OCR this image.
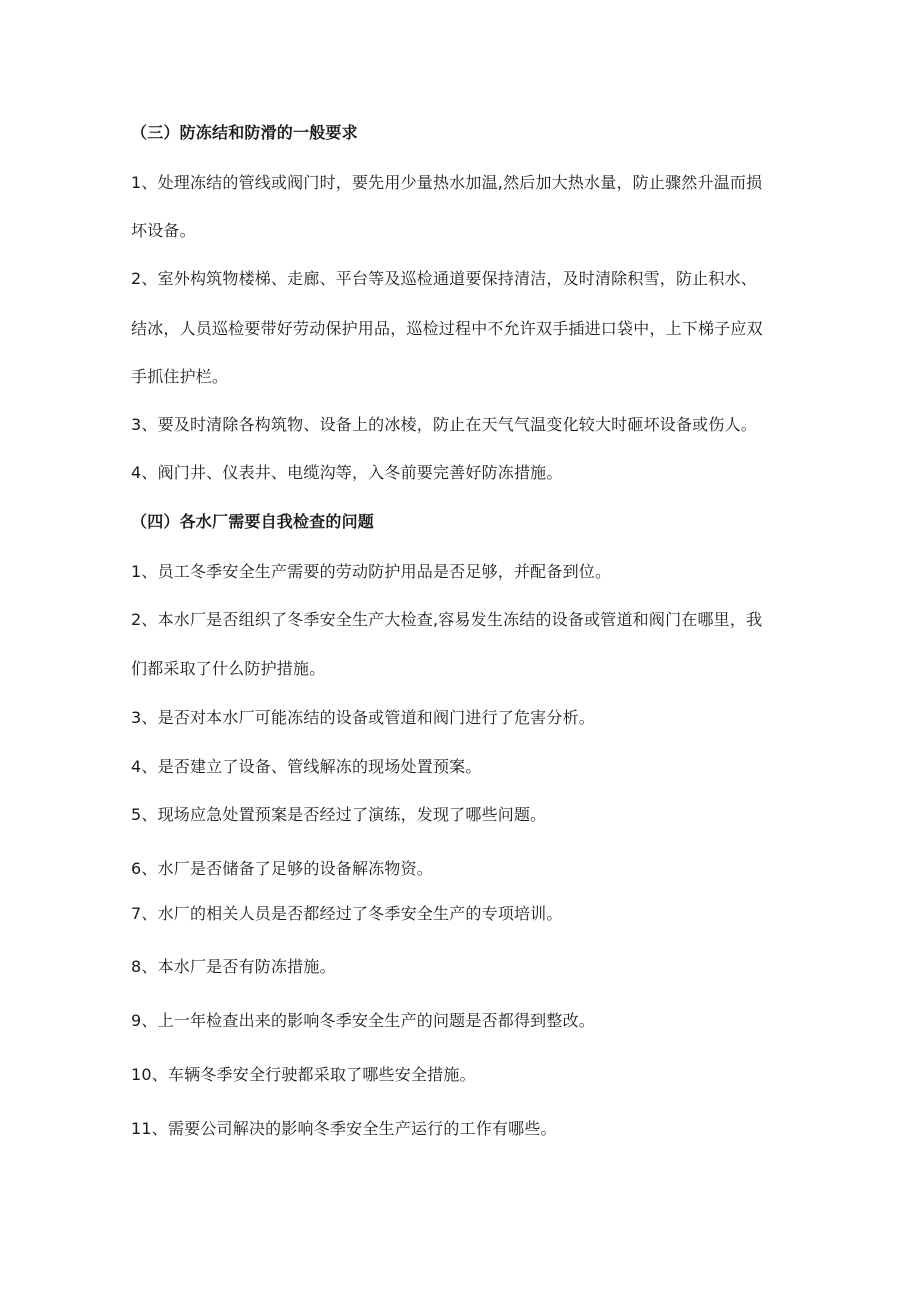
（三）防冻结和防滑的一般要求
1、处理冻结的管线或阀门时，要先用少量热水加温,然后加大热水量，防止骤然升温而损
坏设备。
2、室外构筑物楼梯、走廊、平台等及巡检通道要保持清洁，及时清除积雪，防止积水、
结冰，人员巡检要带好劳动保护用品，巡检过程中不允许双手插进口袋中，上下梯子应双
手抓住护栏。
3、要及时清除各构筑物、设备上的冰棱，防止在天气气温变化较大时砸坏设备或伤人。
4、阀门井、仪表井、电缆沟等，入冬前要完善好防冻措施。
（四）各水厂需要自我检查的问题
1、员工冬季安全生产需要的劳动防护用品是否足够，并配备到位。
2、本水厂是否组织了冬季安全生产大检查,容易发生冻结的设备或管道和阀门在哪里，我
们都采取了什么防护措施。
3、是否对本水厂可能冻结的设备或管道和阀门进行了危害分析。
4、是否建立了设备、管线解冻的现场处置预案。
5、现场应急处置预案是否经过了演练，发现了哪些问题。
6、水厂是否储备了足够的设备解冻物资。
7、水厂的相关人员是否都经过了冬季安全生产的专项培训。
8、本水厂是否有防冻措施。
9、上一年检查出来的影响冬季安全生产的问题是否都得到整改。
10、车辆冬季安全行驶都采取了哪些安全措施。
11、需要公司解决的影响冬季安全生产运行的工作有哪些。
